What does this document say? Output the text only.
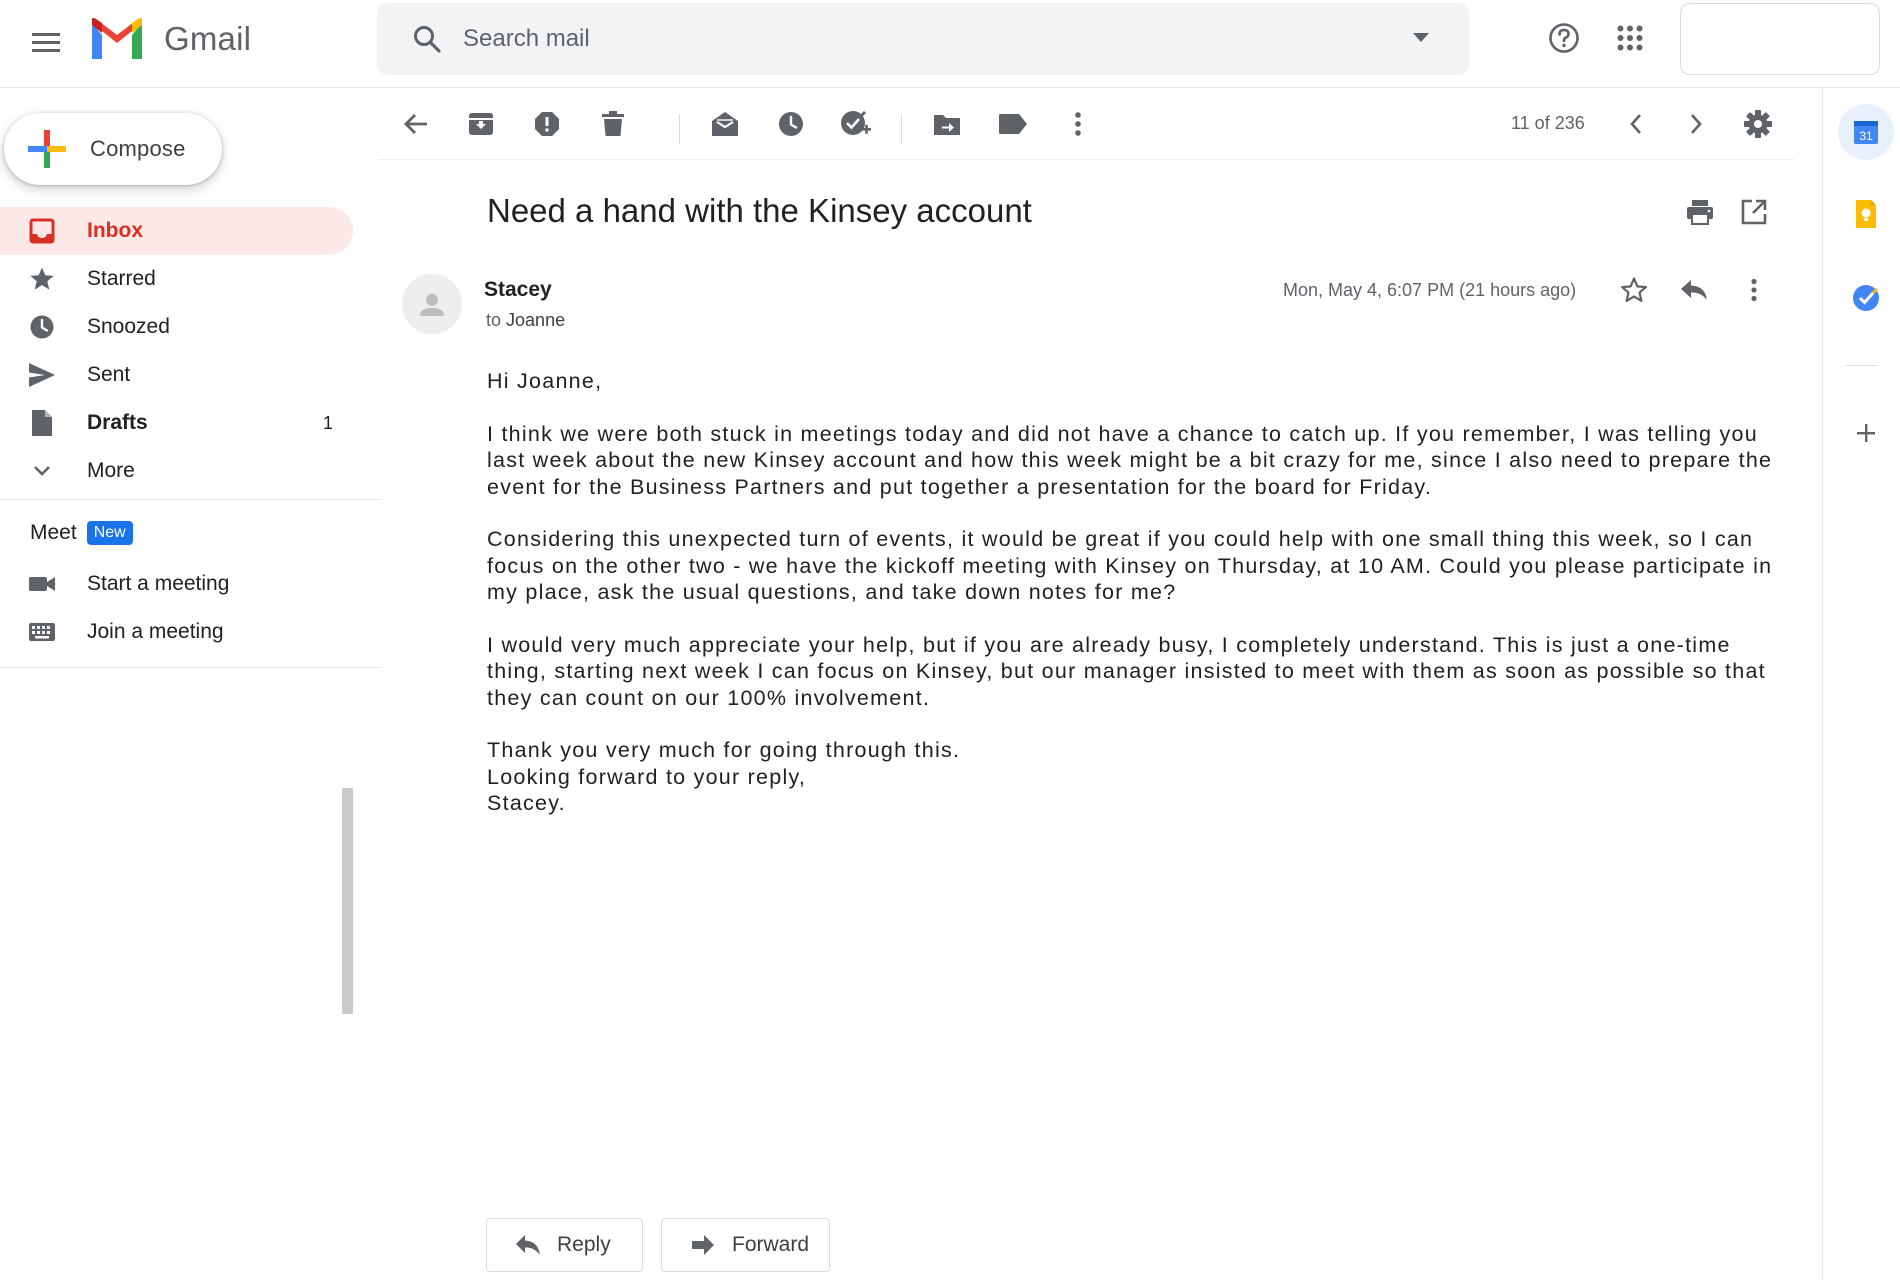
Gmail
Search mail
Compose
Inbox
Starred
Snoozed
Sent
Drafts	1
More
Meet	New
Start a meeting
Join a meeting
11 of 236
Need a hand with the Kinsey account
Stacey
to Joanne
Mon, May 4, 6:07 PM (21 hours ago)

Hi Joanne,

I think we were both stuck in meetings today and did not have a chance to catch up. If you remember, I was telling you last week about the new Kinsey account and how this week might be a bit crazy for me, since I also need to prepare the event for the Business Partners and put together a presentation for the board for Friday.

Considering this unexpected turn of events, it would be great if you could help with one small thing this week, so I can focus on the other two - we have the kickoff meeting with Kinsey on Thursday, at 10 AM. Could you please participate in my place, ask the usual questions, and take down notes for me?

I would very much appreciate your help, but if you are already busy, I completely understand. This is just a one-time thing, starting next week I can focus on Kinsey, but our manager insisted to meet with them as soon as possible so that they can count on our 100% involvement.

Thank you very much for going through this.
Looking forward to your reply,
Stacey.
Reply	Forward
31
